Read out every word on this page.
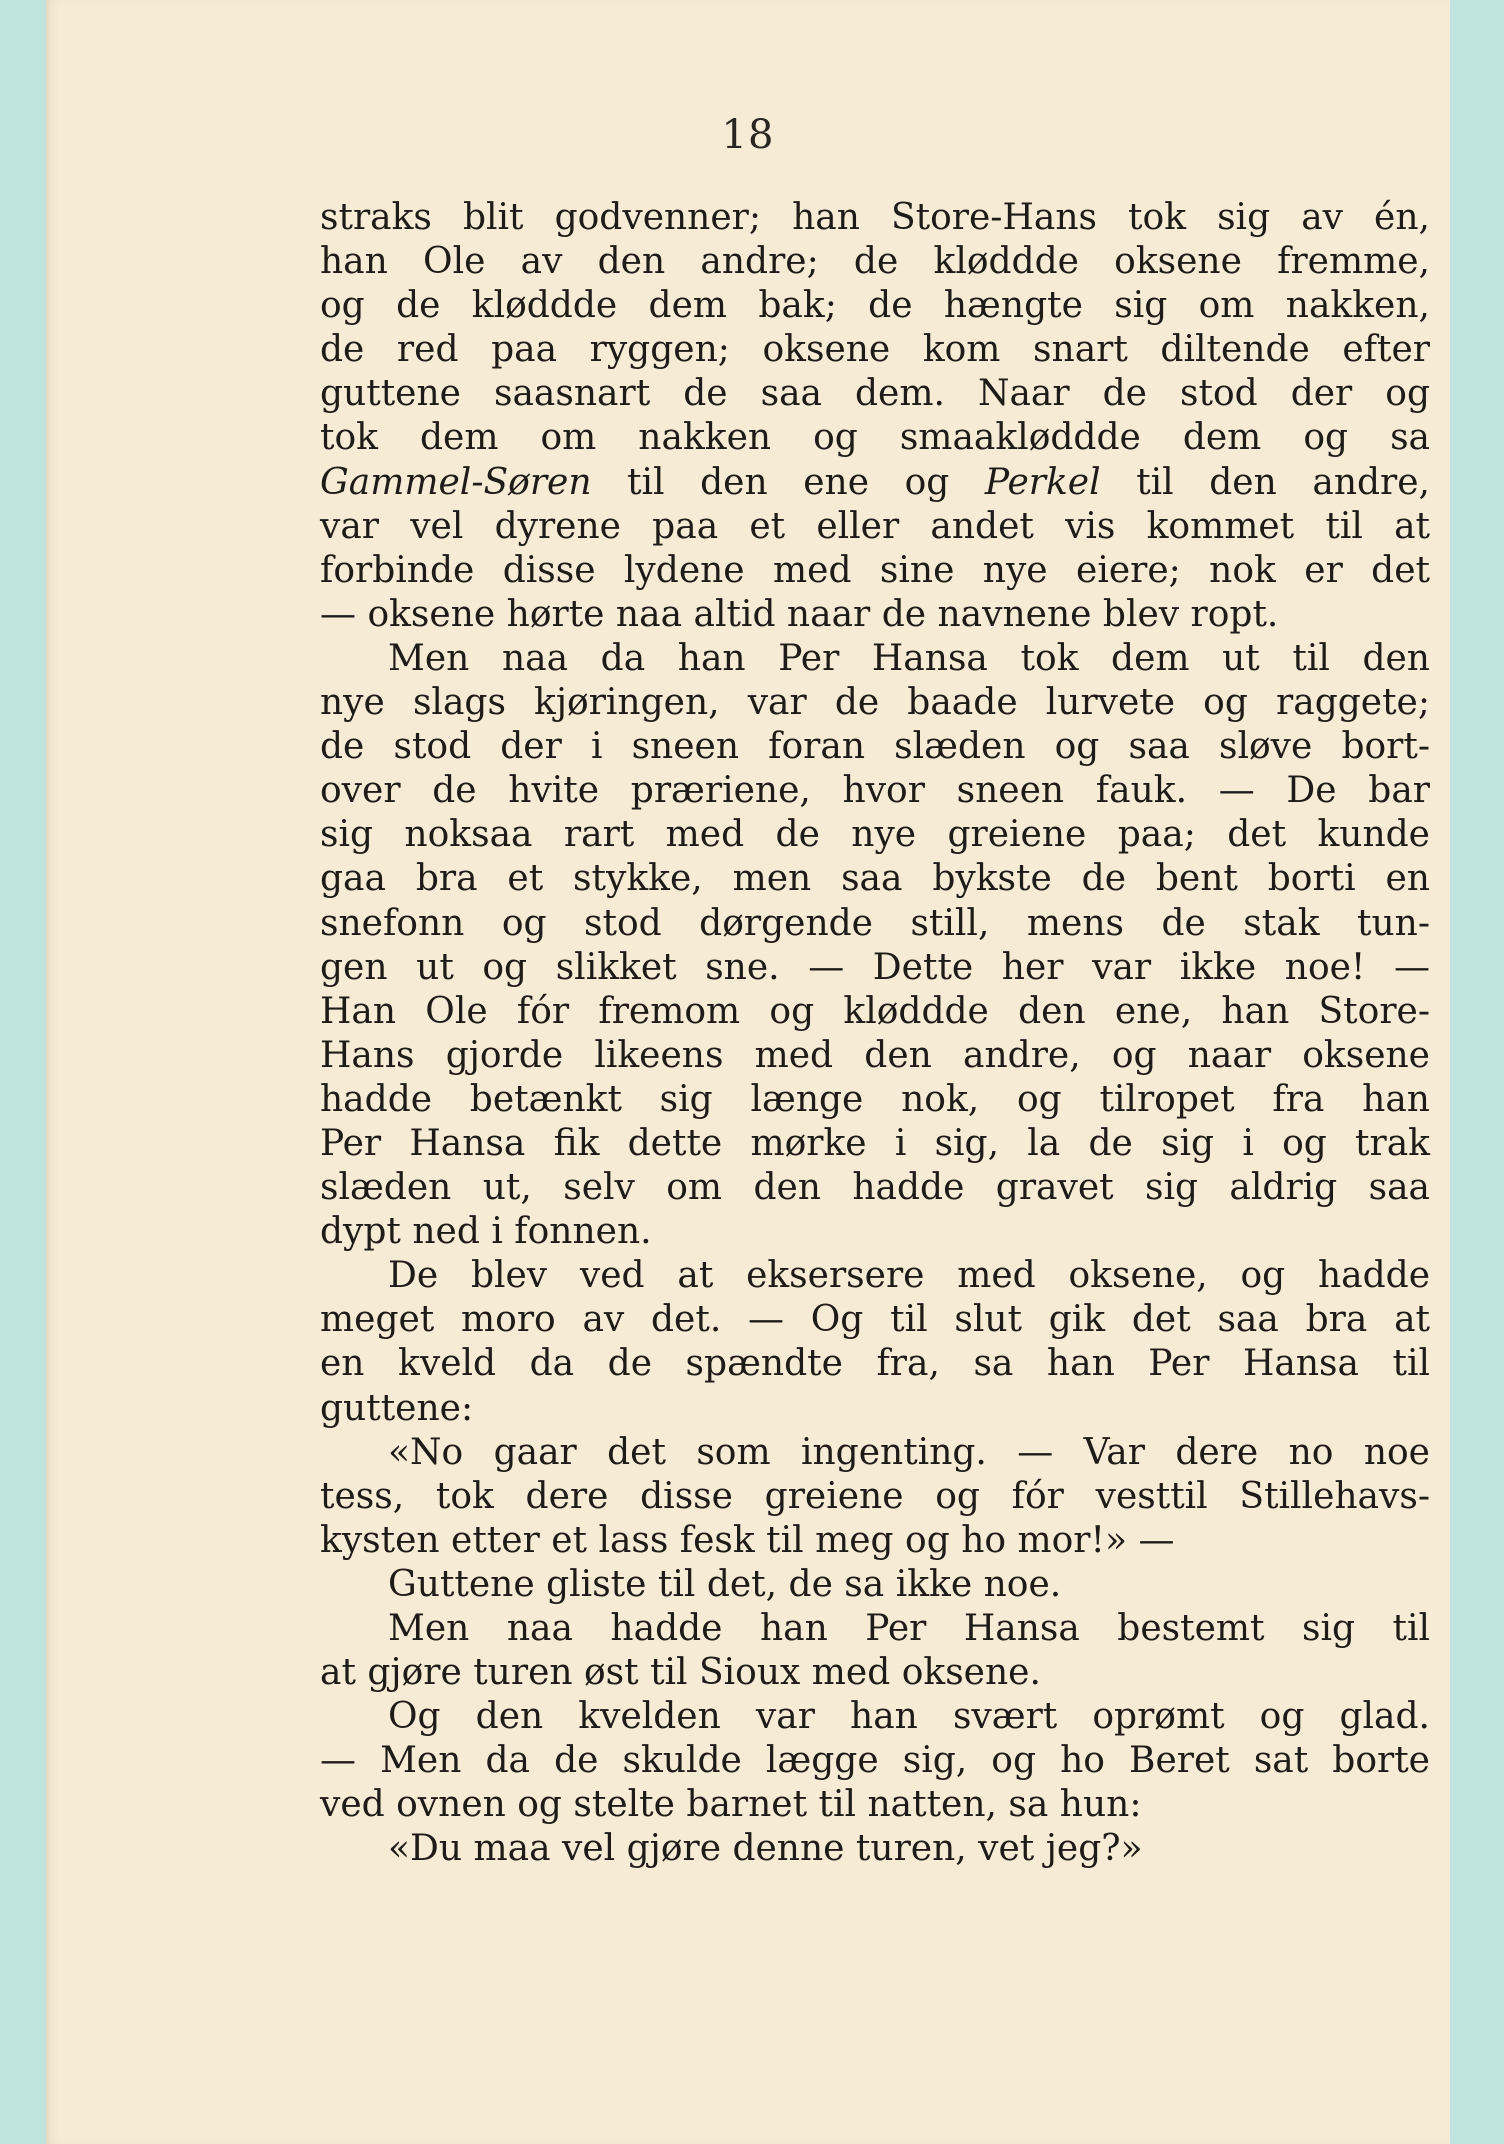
18
straks blit godvenner; han Store-Hans tok sig av én,
han Ole av den andre; de kløddde oksene fremme,
og de kløddde dem bak; de hængte sig om nakken,
de red paa ryggen; oksene kom snart diltende efter
guttene saasnart de saa dem. Naar de stod der og
tok dem om nakken og smaakløddde dem og sa
Gammel-Søren til den ene og Perkel til den andre,
var vel dyrene paa et eller andet vis kommet til at
forbinde disse lydene med sine nye eiere; nok er det
— oksene hørte naa altid naar de navnene blev ropt.
Men naa da han Per Hansa tok dem ut til den
nye slags kjøringen, var de baade lurvete og raggete;
de stod der i sneen foran slæden og saa sløve bort-
over de hvite præriene, hvor sneen fauk. — De bar
sig noksaa rart med de nye greiene paa; det kunde
gaa bra et stykke, men saa bykste de bent borti en
snefonn og stod dørgende still, mens de stak tun-
gen ut og slikket sne. — Dette her var ikke noe! —
Han Ole fór fremom og kløddde den ene, han Store-
Hans gjorde likeens med den andre, og naar oksene
hadde betænkt sig længe nok, og tilropet fra han
Per Hansa fik dette mørke i sig, la de sig i og trak
slæden ut, selv om den hadde gravet sig aldrig saa
dypt ned i fonnen.
De blev ved at eksersere med oksene, og hadde
meget moro av det. — Og til slut gik det saa bra at
en kveld da de spændte fra, sa han Per Hansa til
guttene:
«No gaar det som ingenting. — Var dere no noe
tess, tok dere disse greiene og fór vesttil Stillehavs-
kysten etter et lass fesk til meg og ho mor!» —
Guttene gliste til det, de sa ikke noe.
Men naa hadde han Per Hansa bestemt sig til
at gjøre turen øst til Sioux med oksene.
Og den kvelden var han svært oprømt og glad.
— Men da de skulde lægge sig, og ho Beret sat borte
ved ovnen og stelte barnet til natten, sa hun:
«Du maa vel gjøre denne turen, vet jeg?»
